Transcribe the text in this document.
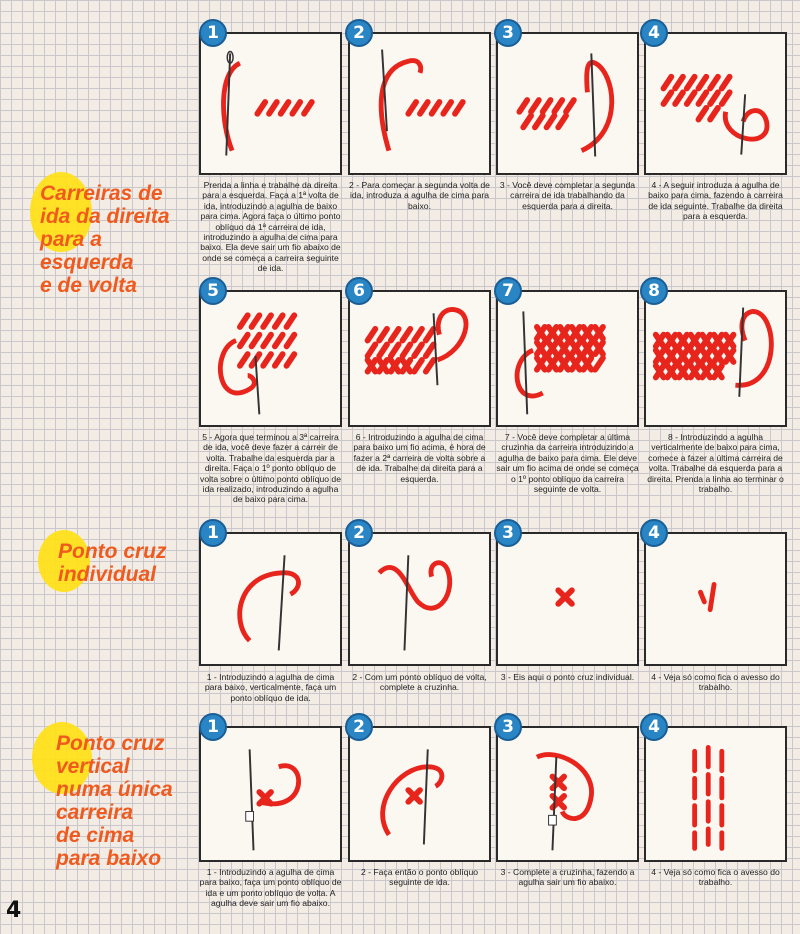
Carreiras de
ida da direita
para a
esquerda
e de volta
Ponto cruz
individual
Ponto cruz
vertical
numa única
carreira
de cima
para baixo
1
Prenda a linha e trabalhe da direita para a esquerda. Faça a 1ª volta de ida, introduzindo a agulha de baixo para cima. Agora faça o último ponto oblíquo da 1ª carreira de ida, introduzindo a agulha de cima para baixo. Ela deve sair um fio abaixo de onde se começa a carreira seguinte de ida.
2
2 - Para começar a segunda volta de ida, introduza a agulha de cima para baixo.
3
3 - Você deve completar a segunda carreira de ida trabalhando da esquerda para a direita.
4
4 - A seguir introduza a agulha de baixo para cima, fazendo a carreira de ida seguinte. Trabalhe da direita para a esquerda.
5
5 - Agora que terminou a 3ª carreira de ida, você deve fazer a carreir de volta. Trabalhe da esquerda par a direita. Faça o 1º ponto oblíquo de volta sobre o último ponto oblíquo de ida realizado, introduzindo a agulha de baixo para cima.
6
6 - Introduzindo a agulha de cima para baixo um fio acima, é hora de fazer a 2ª carreira de volta sobre a de ida. Trabalhe da direita para a esquerda.
7
7 - Você deve completar a última cruzinha da carreira introduzindo a agulha de baixo para cima. Ele deve sair um fio acima de onde se começa o 1º ponto oblíquo da carreira seguinte de volta.
8
8 - Introduzindo a agulha verticalmente de baixo para cima, comece a fazer a última carreira de volta. Trabalhe da esquerda para a direita. Prenda a linha ao terminar o trabalho.
1
1 - Introduzindo a agulha de cima para baixo, verticalmente, faça um ponto oblíquo de ida.
2
2 - Com um ponto oblíquo de volta, complete a cruzinha.
3
3 - Eis aqui o ponto cruz individual.
4
4 - Veja só como fica o avesso do trabalho.
1
1 - Introduzindo a agulha de cima para baixo, faça um ponto oblíquo de ida e um ponto oblíquo de volta. A agulha deve sair um fio abaixo.
2
2 - Faça então o ponto oblíquo seguinte de ida.
3
3 - Complete a cruzinha, fazendo a agulha sair um fio abaixo.
4
4 - Veja só como fica o avesso do trabalho.
4
